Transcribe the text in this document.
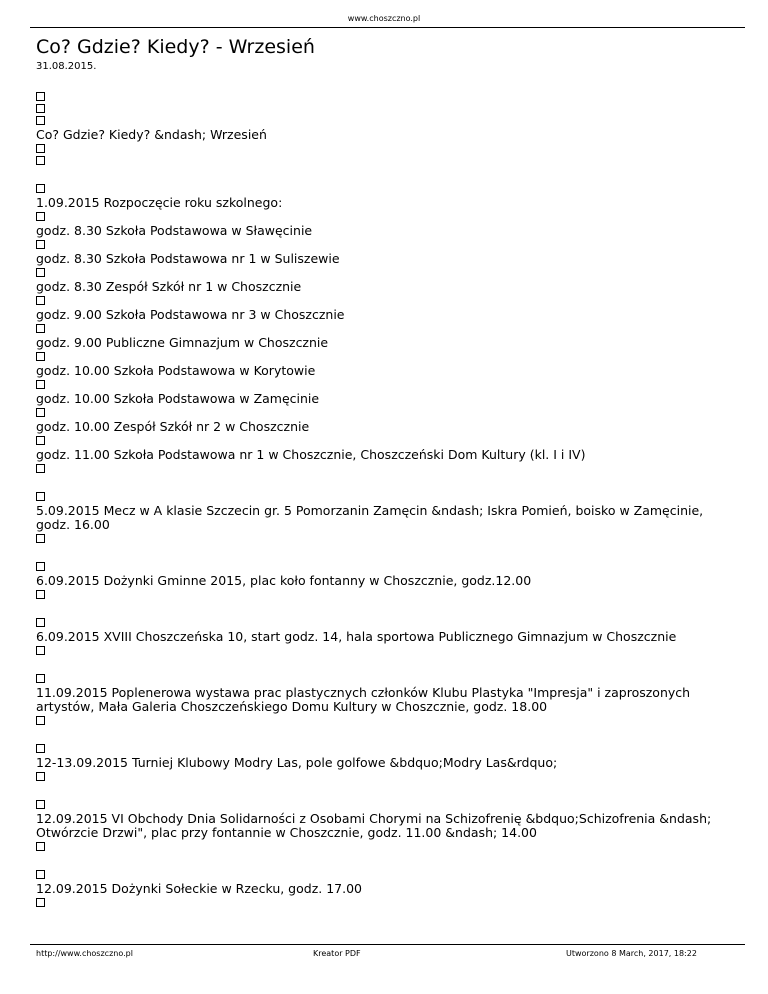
www.choszczno.pl
Co? Gdzie? Kiedy? - Wrzesień
31.08.2015.
Co? Gdzie? Kiedy? &ndash; Wrzesień
1.09.2015 Rozpoczęcie roku szkolnego:
godz. 8.30 Szkoła Podstawowa w Sławęcinie
godz. 8.30 Szkoła Podstawowa nr 1 w Suliszewie
godz. 8.30 Zespół Szkół nr 1 w Choszcznie
godz. 9.00 Szkoła Podstawowa nr 3 w Choszcznie
godz. 9.00 Publiczne Gimnazjum w Choszcznie
godz. 10.00 Szkoła Podstawowa w Korytowie
godz. 10.00 Szkoła Podstawowa w Zamęcinie
godz. 10.00 Zespół Szkół nr 2 w Choszcznie
godz. 11.00 Szkoła Podstawowa nr 1 w Choszcznie, Choszczeński Dom Kultury (kl. I i IV)
5.09.2015 Mecz w A klasie Szczecin gr. 5 Pomorzanin Zamęcin &ndash; Iskra Pomień, boisko w Zamęcinie, godz. 16.00
6.09.2015 Dożynki Gminne 2015, plac koło fontanny w Choszcznie, godz.12.00
6.09.2015 XVIII Choszczeńska 10, start godz. 14, hala sportowa Publicznego Gimnazjum w Choszcznie
11.09.2015 Poplenerowa wystawa prac plastycznych członków Klubu Plastyka "Impresja" i zaproszonych artystów, Mała Galeria Choszczeńskiego Domu Kultury w Choszcznie, godz. 18.00
12-13.09.2015 Turniej Klubowy Modry Las, pole golfowe &bdquo;Modry Las&rdquo;
12.09.2015 VI Obchody Dnia Solidarności z Osobami Chorymi na Schizofrenię &bdquo;Schizofrenia &ndash; Otwórzcie Drzwi", plac przy fontannie w Choszcznie, godz. 11.00 &ndash; 14.00
12.09.2015 Dożynki Sołeckie w Rzecku, godz. 17.00
http://www.choszczno.pl	Kreator PDF	Utworzono 8 March, 2017, 18:22
